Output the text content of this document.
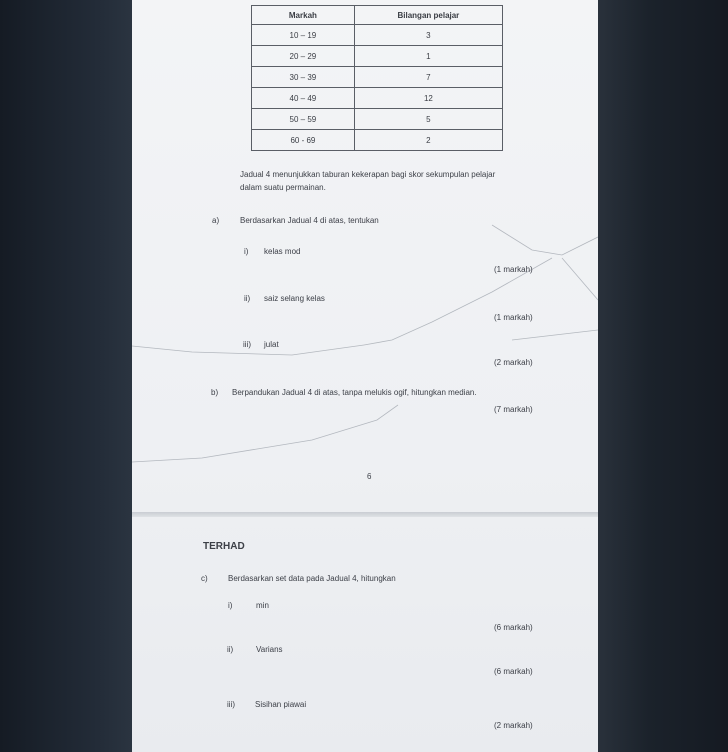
Markah	Bilangan pelajar
10 – 19	3
20 – 29	1
30 – 39	7
40 – 49	12
50 – 59	5
60 - 69	2
Jadual 4 menunjukkan taburan kekerapan bagi skor sekumpulan pelajar
dalam suatu permainan.
a)	Berdasarkan Jadual 4 di atas, tentukan
i) kelas mod
(1 markah)
ii) saiz selang kelas
(1 markah)
iii) julat
(2 markah)
b) Berpandukan Jadual 4 di atas, tanpa melukis ogif, hitungkan median.
(7 markah)
6
TERHAD
c)	Berdasarkan set data pada Jadual 4, hitungkan
i)	min
(6 markah)
ii)	Varians
(6 markah)
iii)	Sisihan piawai
(2 markah)
